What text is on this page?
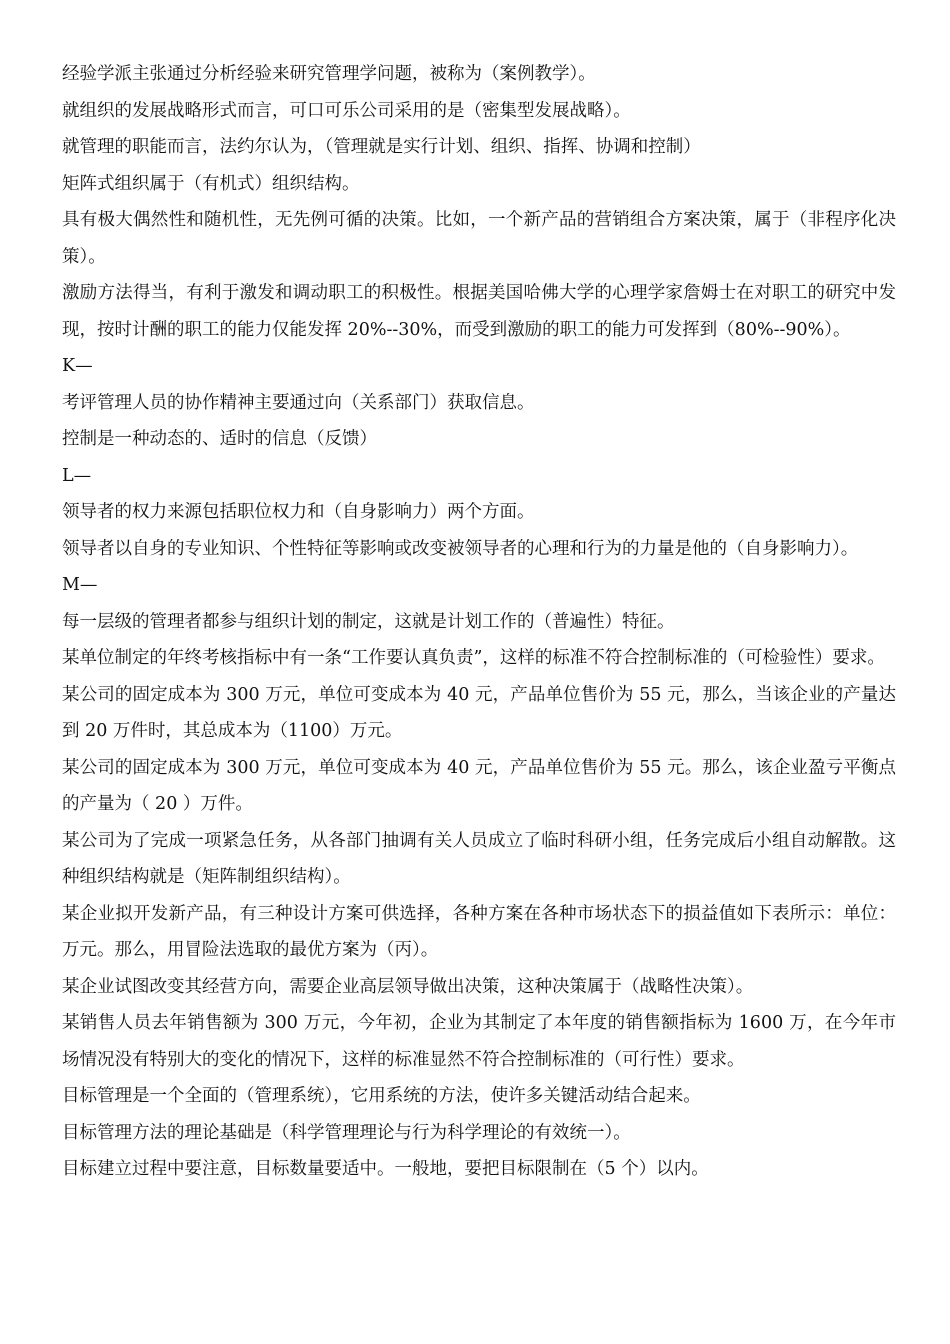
经验学派主张通过分析经验来研究管理学问题，被称为（案例教学）。

就组织的发展战略形式而言，可口可乐公司采用的是（密集型发展战略）。

就管理的职能而言，法约尔认为，（管理就是实行计划、组织、指挥、协调和控制）

矩阵式组织属于（有机式）组织结构。

具有极大偶然性和随机性，无先例可循的决策。比如，一个新产品的营销组合方案决策，属于（非程序化决策）。

激励方法得当，有利于激发和调动职工的积极性。根据美国哈佛大学的心理学家詹姆士在对职工的研究中发现，按时计酬的职工的能力仅能发挥 20%--30%，而受到激励的职工的能力可发挥到（80%--90%）。

K—

考评管理人员的协作精神主要通过向（关系部门）获取信息。

控制是一种动态的、适时的信息（反馈）

L—

领导者的权力来源包括职位权力和（自身影响力）两个方面。

领导者以自身的专业知识、个性特征等影响或改变被领导者的心理和行为的力量是他的（自身影响力）。

M—

每一层级的管理者都参与组织计划的制定，这就是计划工作的（普遍性）特征。

某单位制定的年终考核指标中有一条“工作要认真负责”，这样的标准不符合控制标准的（可检验性）要求。

某公司的固定成本为 300 万元，单位可变成本为 40 元，产品单位售价为 55 元，那么，当该企业的产量达到 20 万件时，其总成本为（1100）万元。

某公司的固定成本为 300 万元，单位可变成本为 40 元，产品单位售价为 55 元。那么，该企业盈亏平衡点的产量为（ 20 ）万件。

某公司为了完成一项紧急任务，从各部门抽调有关人员成立了临时科研小组，任务完成后小组自动解散。这种组织结构就是（矩阵制组织结构）。

某企业拟开发新产品，有三种设计方案可供选择，各种方案在各种市场状态下的损益值如下表所示：单位：万元。那么，用冒险法选取的最优方案为（丙）。

某企业试图改变其经营方向，需要企业高层领导做出决策，这种决策属于（战略性决策）。

某销售人员去年销售额为 300 万元，今年初，企业为其制定了本年度的销售额指标为 1600 万，在今年市场情况没有特别大的变化的情况下，这样的标准显然不符合控制标准的（可行性）要求。

目标管理是一个全面的（管理系统），它用系统的方法，使许多关键活动结合起来。

目标管理方法的理论基础是（科学管理理论与行为科学理论的有效统一）。

目标建立过程中要注意，目标数量要适中。一般地，要把目标限制在（5 个）以内。
